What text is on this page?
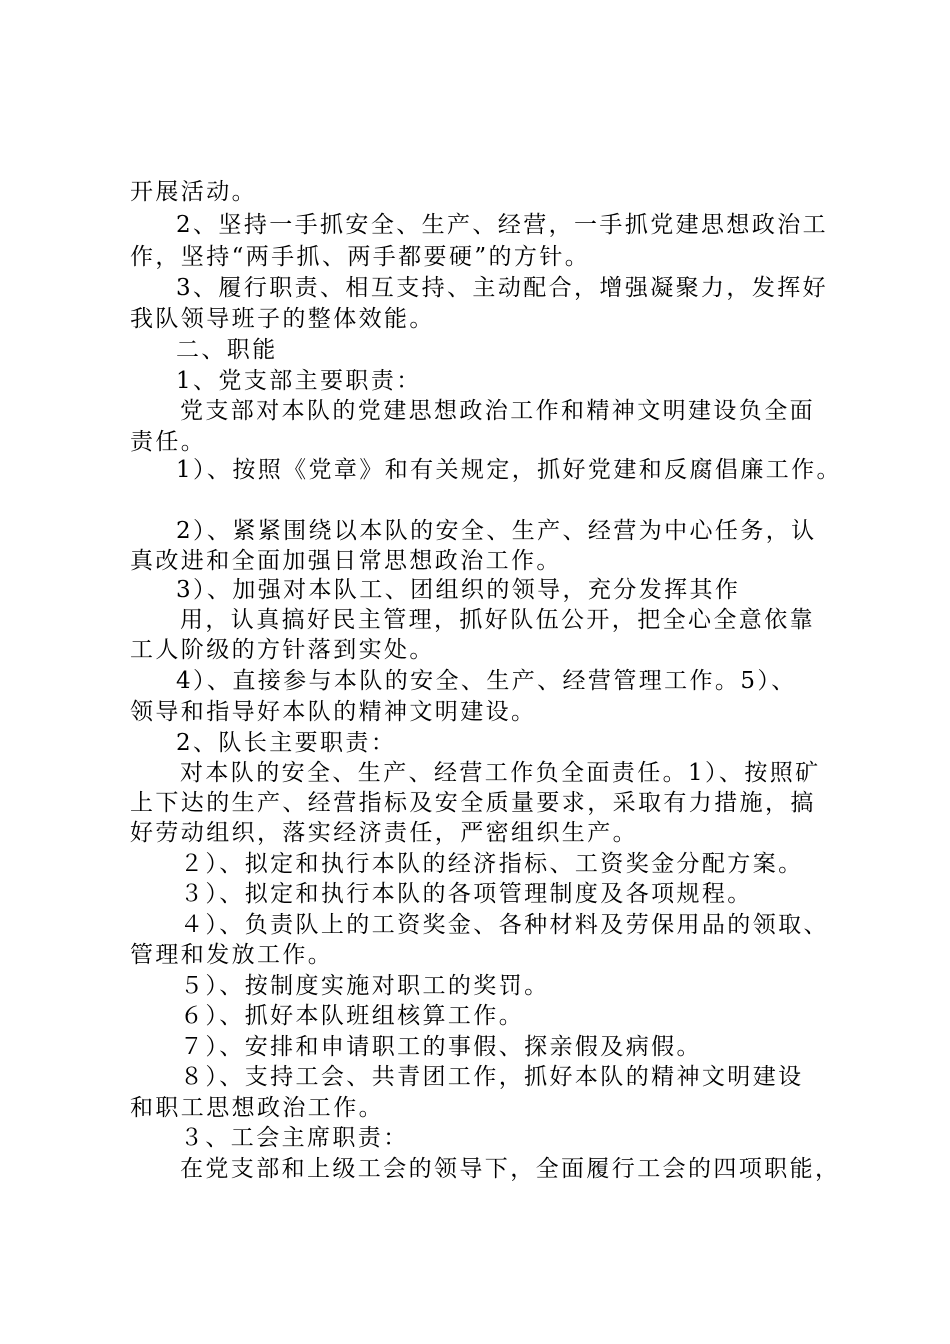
开展活动。
2、坚持一手抓安全、生产、经营，一手抓党建思想政治工
作，坚持“两手抓、两手都要硬”的方针。
3、履行职责、相互支持、主动配合，增强凝聚力，发挥好
我队领导班子的整体效能。
二、职能
1、党支部主要职责：
党支部对本队的党建思想政治工作和精神文明建设负全面
责任。
1）、按照《党章》和有关规定，抓好党建和反腐倡廉工作。
2）、紧紧围绕以本队的安全、生产、经营为中心任务，认
真改进和全面加强日常思想政治工作。
3）、加强对本队工、团组织的领导，充分发挥其作
用，认真搞好民主管理，抓好队伍公开，把全心全意依靠
工人阶级的方针落到实处。
4）、直接参与本队的安全、生产、经营管理工作。5）、
领导和指导好本队的精神文明建设。
2、队长主要职责：
对本队的安全、生产、经营工作负全面责任。1）、按照矿
上下达的生产、经营指标及安全质量要求，采取有力措施，搞
好劳动组织，落实经济责任，严密组织生产。
２）、拟定和执行本队的经济指标、工资奖金分配方案。
３）、拟定和执行本队的各项管理制度及各项规程。
４）、负责队上的工资奖金、各种材料及劳保用品的领取、
管理和发放工作。
５）、按制度实施对职工的奖罚。
６）、抓好本队班组核算工作。
７）、安排和申请职工的事假、探亲假及病假。
８）、支持工会、共青团工作，抓好本队的精神文明建设
和职工思想政治工作。
３、工会主席职责：
在党支部和上级工会的领导下，全面履行工会的四项职能，
